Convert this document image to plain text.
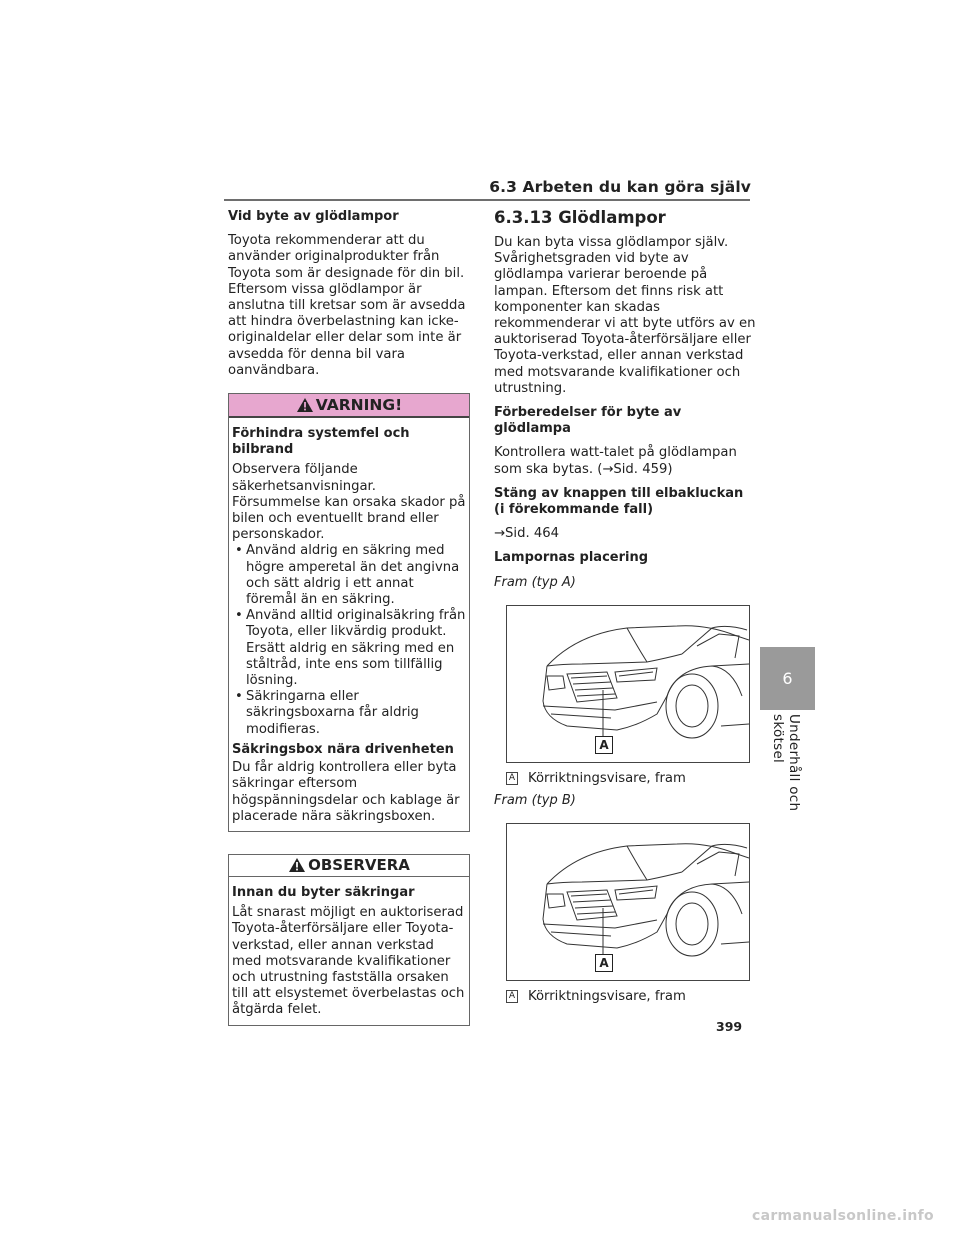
6.3 Arbeten du kan göra själv

Vid byte av glödlampor

Toyota rekommenderar att du använder originalprodukter från Toyota som är designade för din bil. Eftersom vissa glödlampor är anslutna till kretsar som är avsedda att hindra överbelastning kan icke-originaldelar eller delar som inte är avsedda för denna bil vara oanvändbara.

VARNING!

Förhindra systemfel och bilbrand

Observera följande säkerhetsanvisningar. Försummelse kan orsaka skador på bilen och eventuellt brand eller personskador.

• Använd aldrig en säkring med högre amperetal än det angivna och sätt aldrig i ett annat föremål än en säkring.
• Använd alltid originalsäkring från Toyota, eller likvärdig produkt. Ersätt aldrig en säkring med en ståltråd, inte ens som tillfällig lösning.
• Säkringarna eller säkringsboxarna får aldrig modifieras.

Säkringsbox nära drivenheten

Du får aldrig kontrollera eller byta säkringar eftersom högspänningsdelar och kablage är placerade nära säkringsboxen.

OBSERVERA

Innan du byter säkringar

Låt snarast möjligt en auktoriserad Toyota-återförsäljare eller Toyota-verkstad, eller annan verkstad med motsvarande kvalifikationer och utrustning fastställa orsaken till att elsystemet överbelastas och åtgärda felet.

6.3.13 Glödlampor

Du kan byta vissa glödlampor själv. Svårighetsgraden vid byte av glödlampa varierar beroende på lampan. Eftersom det finns risk att komponenter kan skadas rekommenderar vi att byte utförs av en auktoriserad Toyota-återförsäljare eller Toyota-verkstad, eller annan verkstad med motsvarande kvalifikationer och utrustning.

Förberedelser för byte av glödlampa

Kontrollera watt-talet på glödlampan som ska bytas. (→Sid. 459)

Stäng av knappen till elbakluckan

(i förekommande fall)

→Sid. 464

Lampornas placering

Fram (typ A)

A
A Körriktningsvisare, fram

Fram (typ B)

A
A Körriktningsvisare, fram
6
Underhåll och skötsel
399
carmanualsonline.info
